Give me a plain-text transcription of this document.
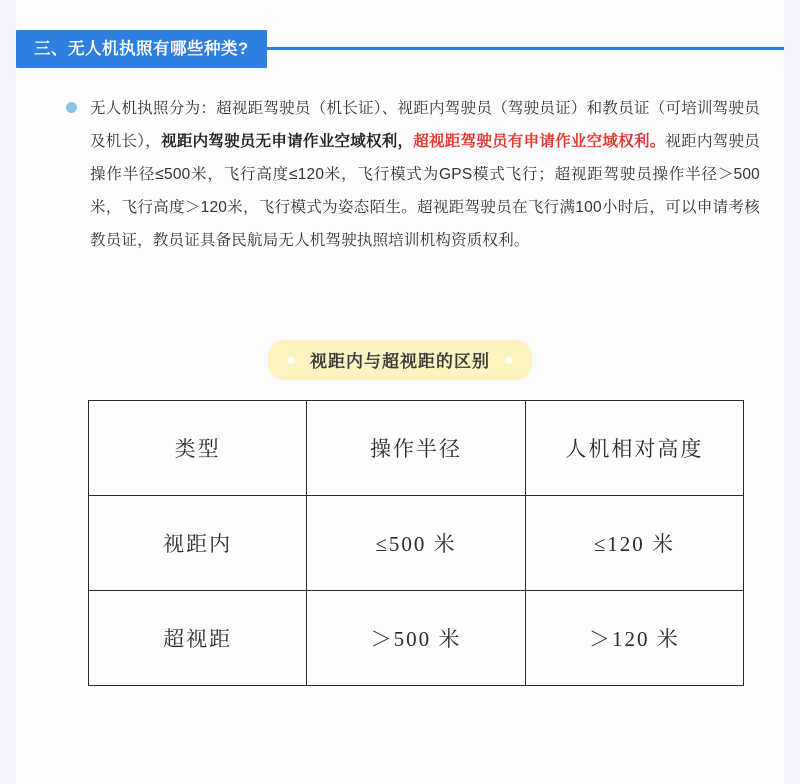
三、无人机执照有哪些种类?
无人机执照分为：超视距驾驶员（机长证）、视距内驾驶员（驾驶员证）和教员证（可培训驾驶员及机长），视距内驾驶员无申请作业空域权利，超视距驾驶员有申请作业空域权利。视距内驾驶员操作半径≤500米，飞行高度≤120米，飞行模式为GPS模式飞行；超视距驾驶员操作半径＞500米，飞行高度＞120米，飞行模式为姿态陌生。超视距驾驶员在飞行满100小时后，可以申请考核教员证，教员证具备民航局无人机驾驶执照培训机构资质权利。
视距内与超视距的区别
类型	操作半径	人机相对高度
视距内	≤500 米	≤120 米
超视距	＞500 米	＞120 米
